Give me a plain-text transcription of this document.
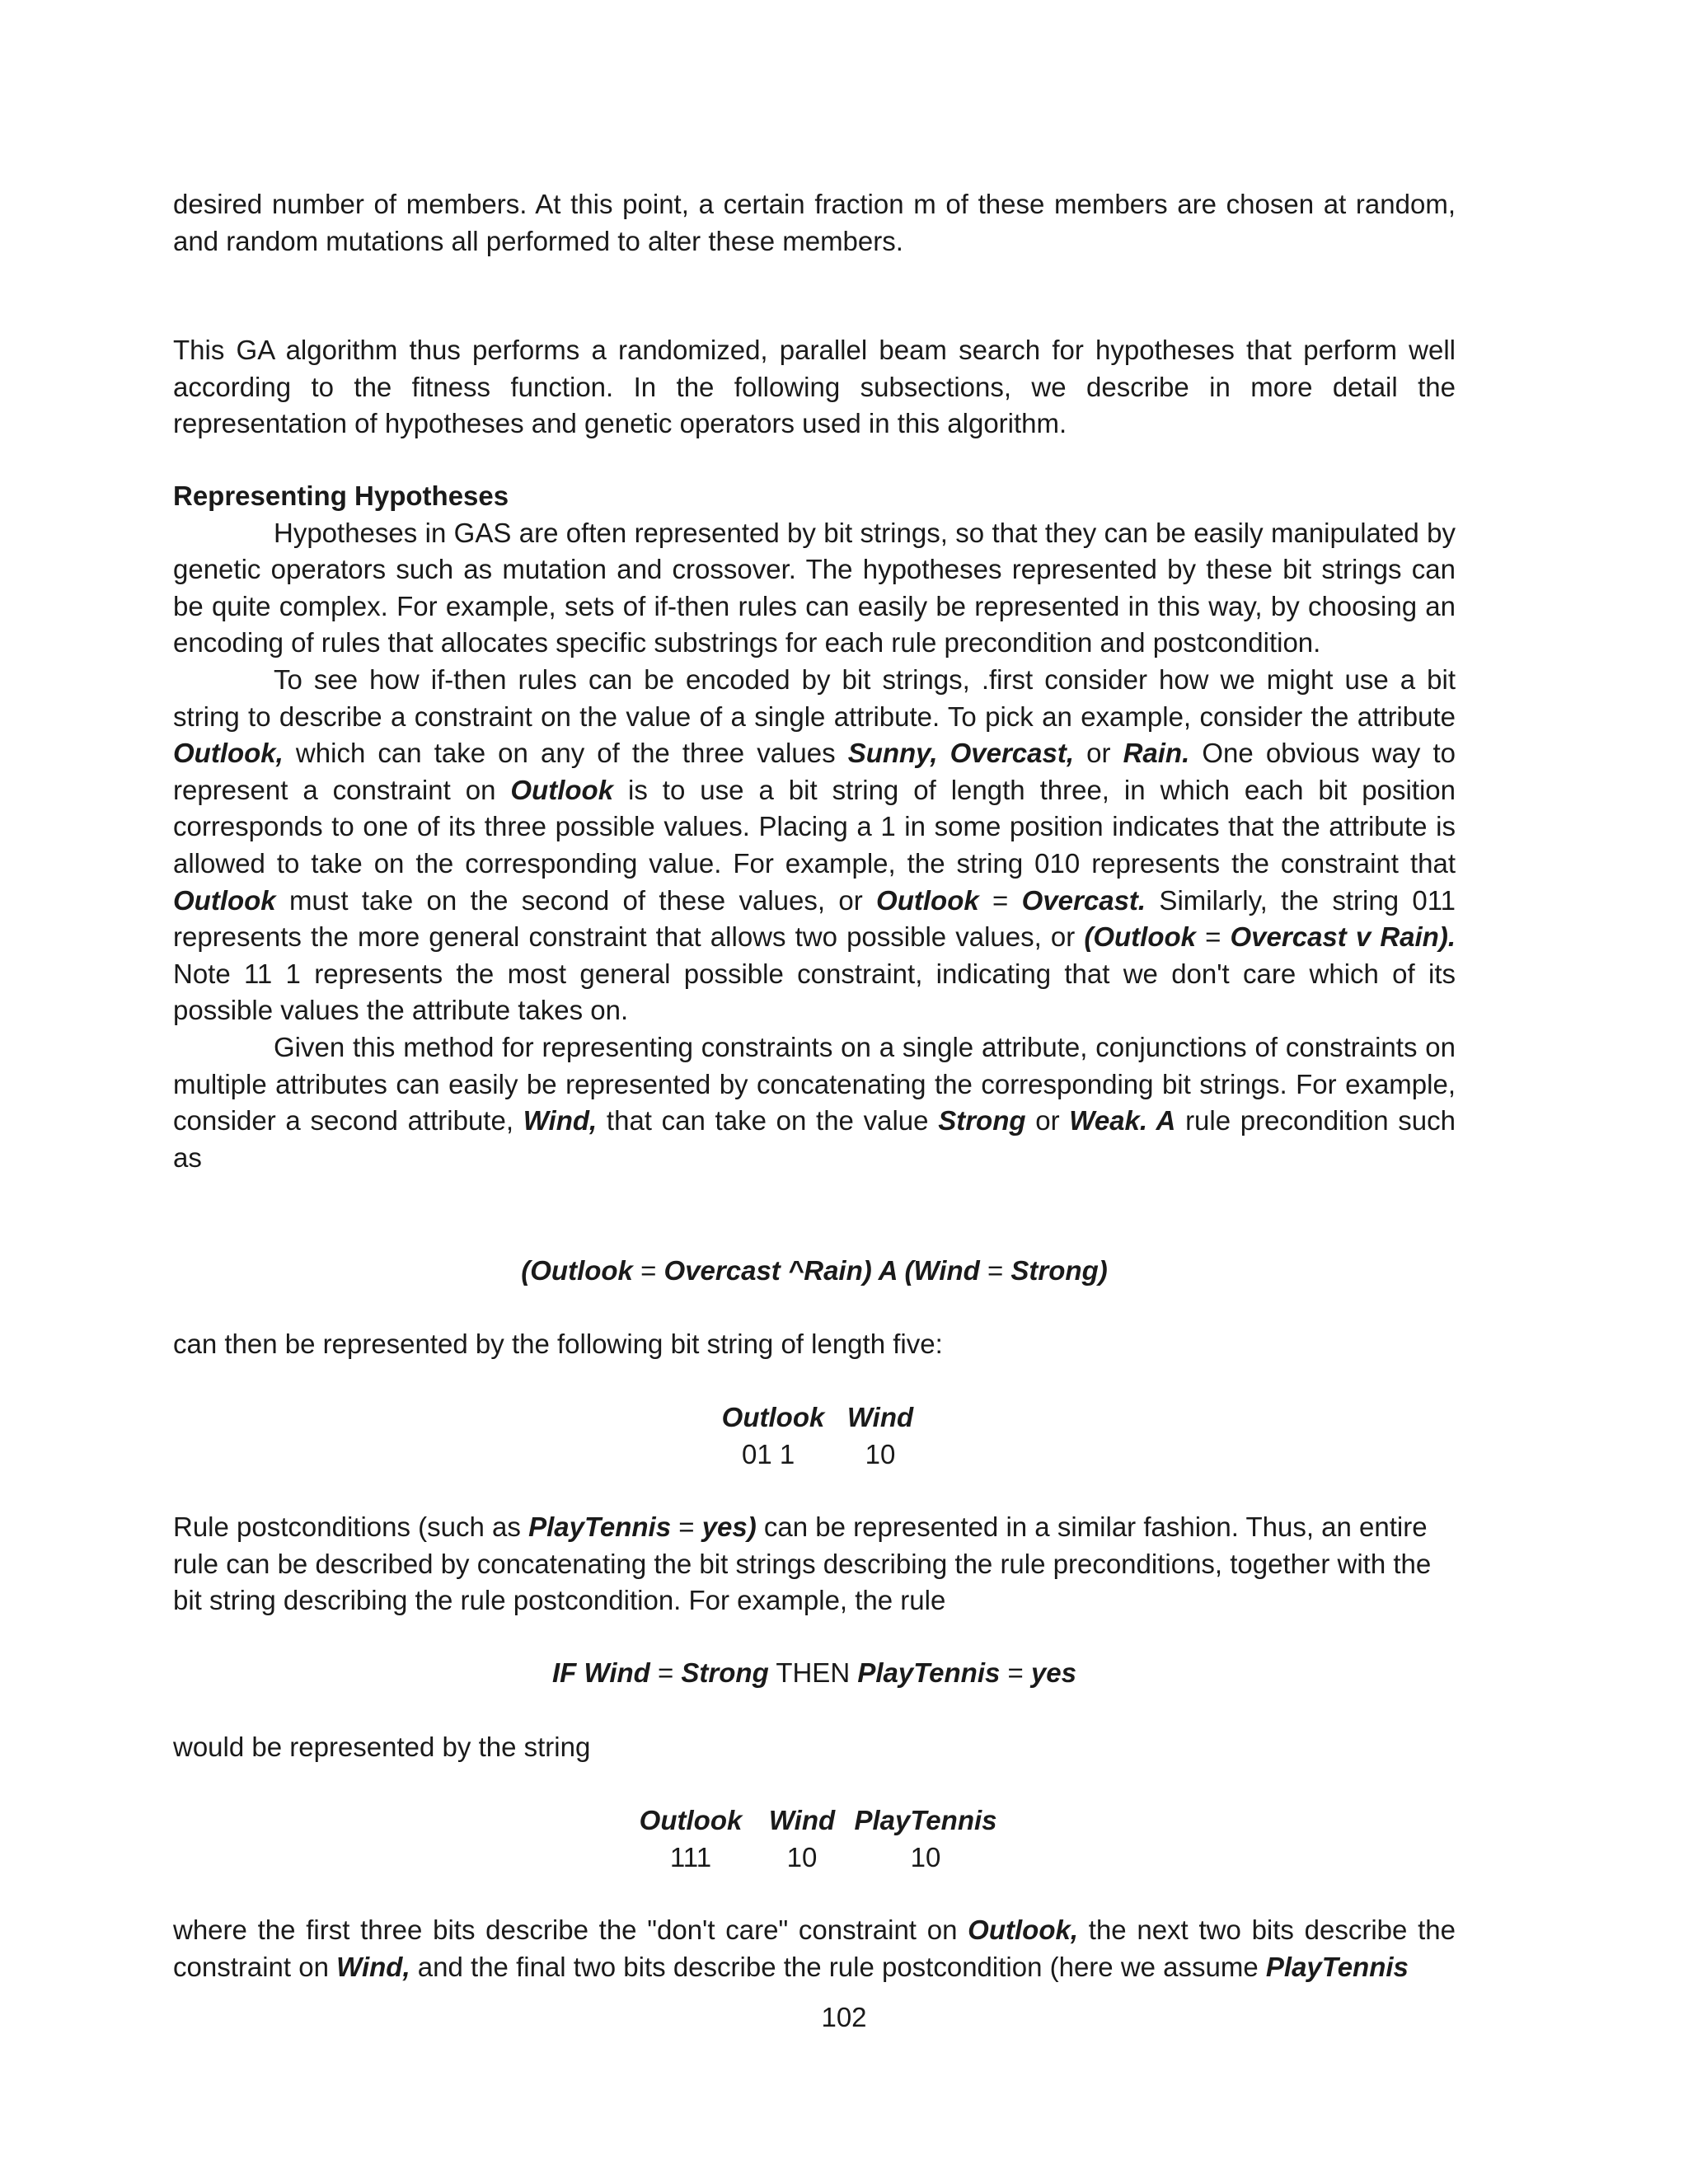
desired number of members. At this point, a certain fraction m of these members are chosen at random, and random mutations all performed to alter these members.

This GA algorithm thus performs a randomized, parallel beam search for hypotheses that perform well according to the fitness function. In the following subsections, we describe in more detail the representation of hypotheses and genetic operators used in this algorithm.

Representing Hypotheses

Hypotheses in GAS are often represented by bit strings, so that they can be easily manipulated by genetic operators such as mutation and crossover. The hypotheses represented by these bit strings can be quite complex. For example, sets of if-then rules can easily be represented in this way, by choosing an encoding of rules that allocates specific substrings for each rule precondition and postcondition.

To see how if-then rules can be encoded by bit strings, .first consider how we might use a bit string to describe a constraint on the value of a single attribute. To pick an example, consider the attribute Outlook, which can take on any of the three values Sunny, Overcast, or Rain. One obvious way to represent a constraint on Outlook is to use a bit string of length three, in which each bit position corresponds to one of its three possible values. Placing a 1 in some position indicates that the attribute is allowed to take on the corresponding value. For example, the string 010 represents the constraint that Outlook must take on the second of these values, or Outlook = Overcast. Similarly, the string 011 represents the more general constraint that allows two possible values, or (Outlook = Overcast v Rain). Note 11 1 represents the most general possible constraint, indicating that we don't care which of its possible values the attribute takes on.

Given this method for representing constraints on a single attribute, conjunctions of constraints on multiple attributes can easily be represented by concatenating the corresponding bit strings. For example, consider a second attribute, Wind, that can take on the value Strong or Weak. A rule precondition such as

(Outlook = Overcast ^Rain) A (Wind = Strong)

can then be represented by the following bit string of length five:

Outlook Wind
01 1	10

Rule postconditions (such as PlayTennis = yes) can be represented in a similar fashion. Thus, an entire rule can be described by concatenating the bit strings describing the rule preconditions, together with the bit string describing the rule postcondition. For example, the rule

IF Wind = Strong THEN PlayTennis = yes

would be represented by the string

Outlook Wind PlayTennis
111	10	10

where the first three bits describe the "don't care" constraint on Outlook, the next two bits describe the constraint on Wind, and the final two bits describe the rule postcondition (here we assume PlayTennis

102
